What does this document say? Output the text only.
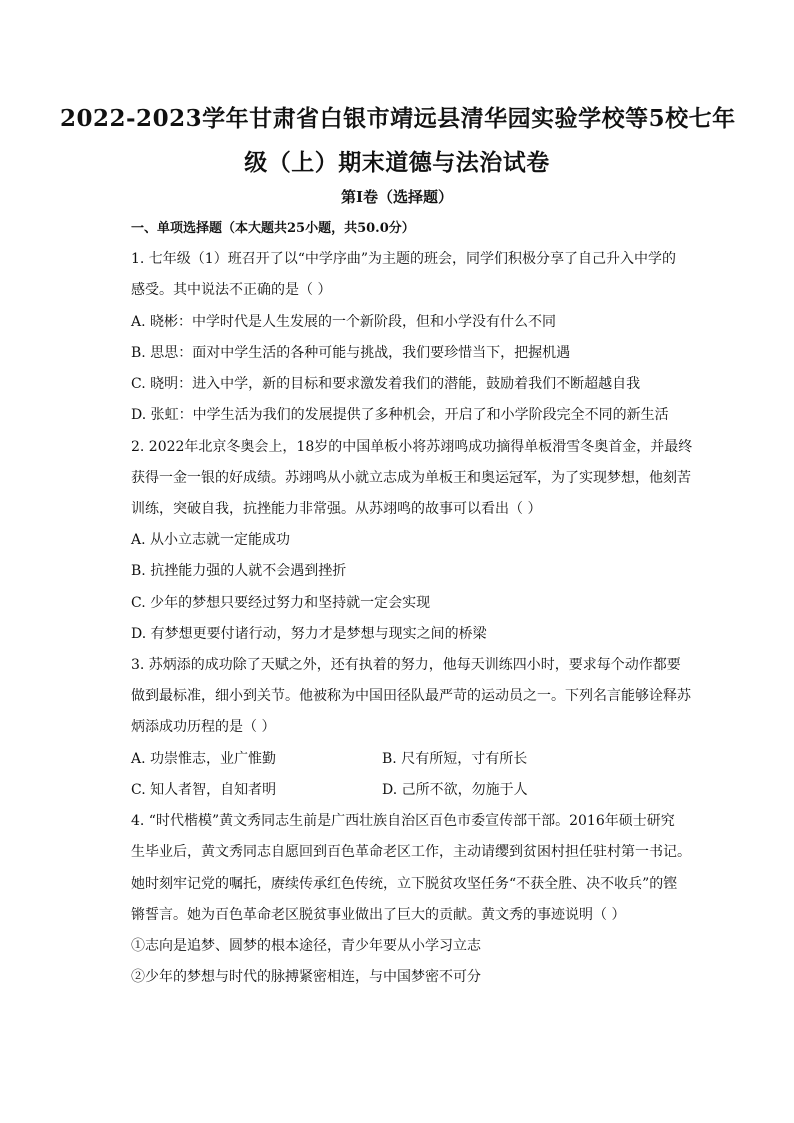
2022-2023学年甘肃省白银市靖远县清华园实验学校等5校七年
级（上）期末道德与法治试卷
第I卷（选择题）
一、单项选择题（本大题共25小题，共50.0分）
1. 七年级（1）班召开了以“中学序曲”为主题的班会，同学们积极分享了自己升入中学的
感受。其中说法不正确的是（ ）
A. 晓彬：中学时代是人生发展的一个新阶段，但和小学没有什么不同
B. 思思：面对中学生活的各种可能与挑战，我们要珍惜当下，把握机遇
C. 晓明：进入中学，新的目标和要求激发着我们的潜能，鼓励着我们不断超越自我
D. 张虹：中学生活为我们的发展提供了多种机会，开启了和小学阶段完全不同的新生活
2. 2022年北京冬奥会上，18岁的中国单板小将苏翊鸣成功摘得单板滑雪冬奥首金，并最终
获得一金一银的好成绩。苏翊鸣从小就立志成为单板王和奥运冠军，为了实现梦想，他刻苦
训练，突破自我，抗挫能力非常强。从苏翊鸣的故事可以看出（ ）
A. 从小立志就一定能成功
B. 抗挫能力强的人就不会遇到挫折
C. 少年的梦想只要经过努力和坚持就一定会实现
D. 有梦想更要付诸行动，努力才是梦想与现实之间的桥梁
3. 苏炳添的成功除了天赋之外，还有执着的努力，他每天训练四小时，要求每个动作都要
做到最标准，细小到关节。他被称为中国田径队最严苛的运动员之一。下列名言能够诠释苏
炳添成功历程的是（ ）
A. 功崇惟志，业广惟勤	B. 尺有所短，寸有所长
C. 知人者智，自知者明	D. 己所不欲，勿施于人
4. “时代楷模”黄文秀同志生前是广西壮族自治区百色市委宣传部干部。2016年硕士研究
生毕业后，黄文秀同志自愿回到百色革命老区工作，主动请缨到贫困村担任驻村第一书记。
她时刻牢记党的嘱托，赓续传承红色传统，立下脱贫攻坚任务“不获全胜、决不收兵”的铿
锵誓言。她为百色革命老区脱贫事业做出了巨大的贡献。黄文秀的事迹说明（ ）
①志向是追梦、圆梦的根本途径，青少年要从小学习立志
②少年的梦想与时代的脉搏紧密相连，与中国梦密不可分
